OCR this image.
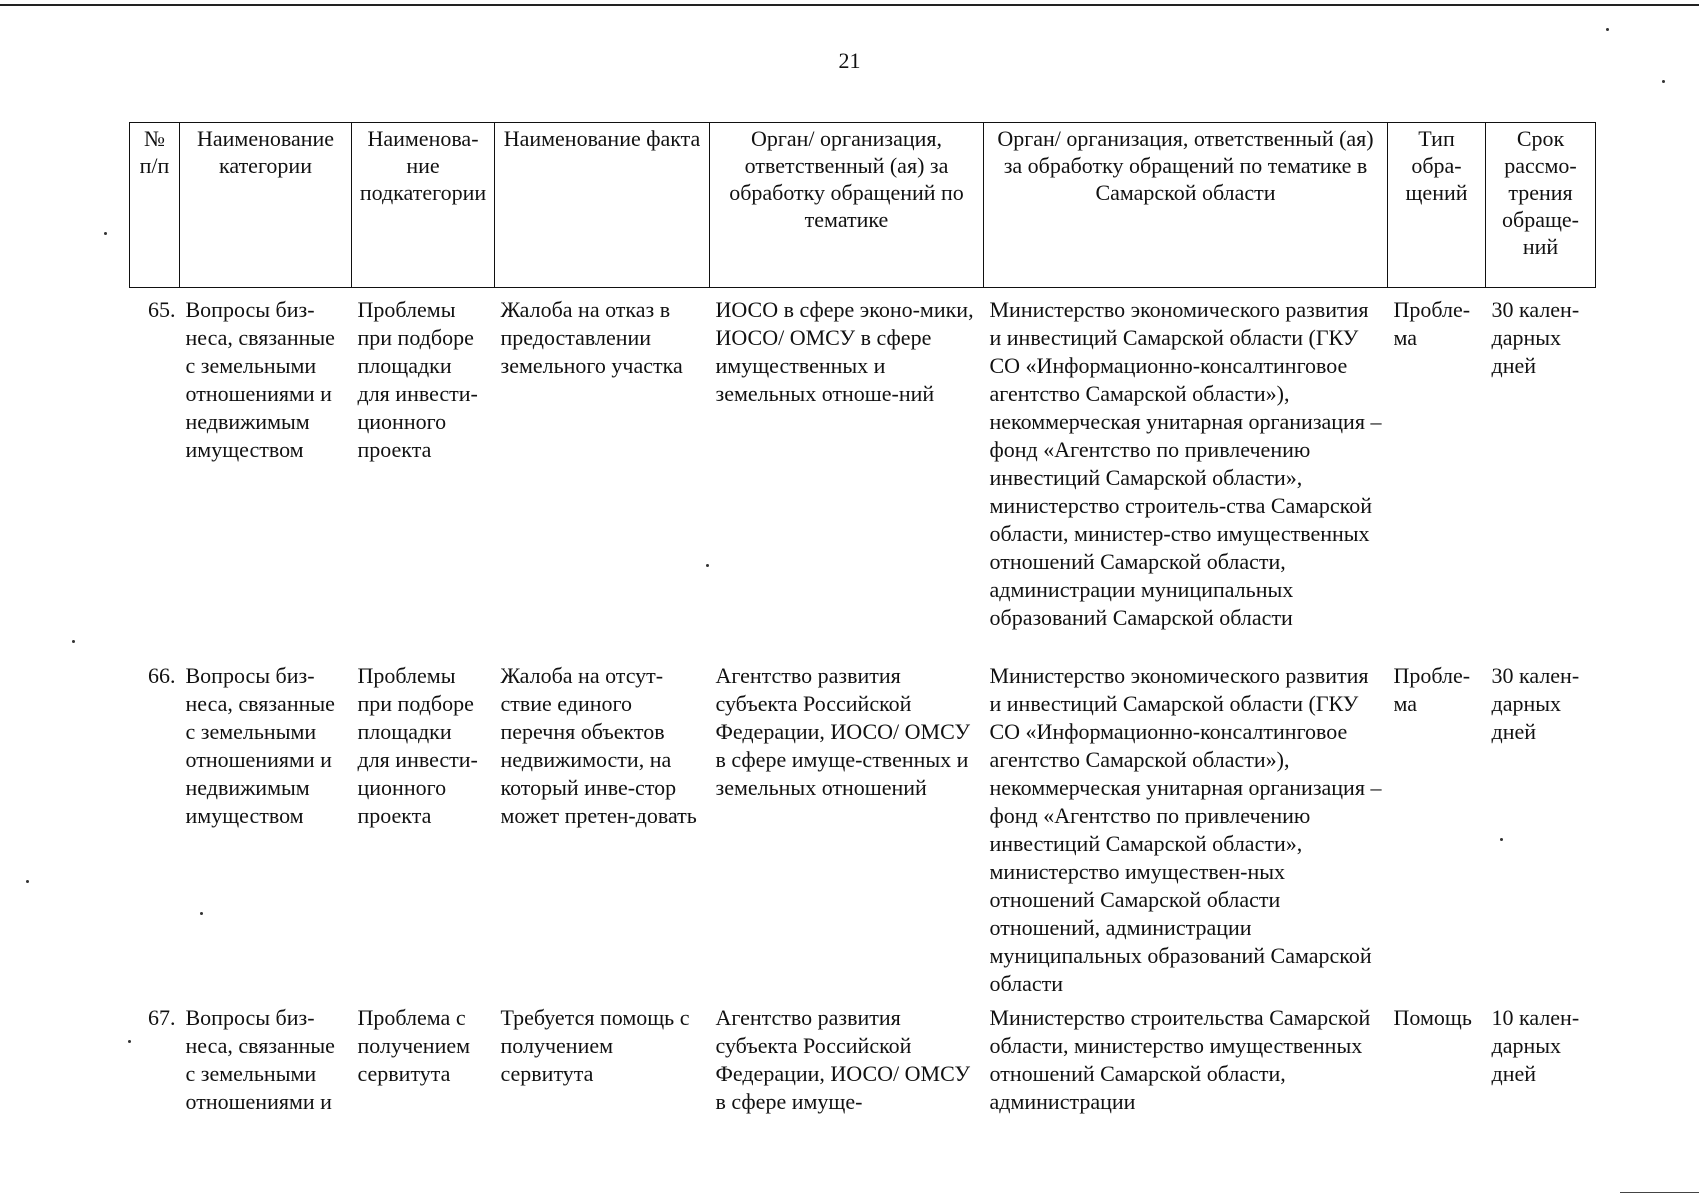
21
№ п/п	Наименование категории	Наименова-ние подкатегории	Наименование факта	Орган/ организация, ответственный (ая) за обработку обращений по тематике	Орган/ организация, ответственный (ая) за обработку обращений по тематике в Самарской области	Тип обра-щений	Срок рассмо-трения обраще-ний
65.	Вопросы биз-неса, связанные с земельными отношениями и недвижимым имуществом	Проблемы при подборе площадки для инвести-ционного проекта	Жалоба на отказ в предоставлении земельного участка	ИОСО в сфере эконо-мики, ИОСО/ ОМСУ в сфере имущественных и земельных отноше-ний	Министерство экономического развития и инвестиций Самарской области (ГКУ СО «Информационно-консалтинговое агентство Самарской области»), некоммерческая унитарная организация – фонд «Агентство по привлечению инвестиций Самарской области», министерство строитель-ства Самарской области, министер-ство имущественных отношений Самарской области, администрации муниципальных образований Самарской области	Пробле-ма	30 кален-дарных дней
66.	Вопросы биз-неса, связанные с земельными отношениями и недвижимым имуществом	Проблемы при подборе площадки для инвести-ционного проекта	Жалоба на отсут-ствие единого перечня объектов недвижимости, на который инве-стор может претен-довать	Агентство развития субъекта Российской Федерации, ИОСО/ ОМСУ в сфере имуще-ственных и земельных отношений	Министерство экономического развития и инвестиций Самарской области (ГКУ СО «Информационно-консалтинговое агентство Самарской области»), некоммерческая унитарная организация – фонд «Агентство по привлечению инвестиций Самарской области», министерство имуществен-ных отношений Самарской области отношений, администрации муниципальных образований Самарской области	Пробле-ма	30 кален-дарных дней
67.	Вопросы биз-неса, связанные с земельными отношениями и	Проблема с получением сервитута	Требуется помощь с получением сервитута	Агентство развития субъекта Российской Федерации, ИОСО/ ОМСУ в сфере имуще-	Министерство строительства Самарской области, министерство имущественных отношений Самарской области, администрации	Помощь	10 кален-дарных дней
